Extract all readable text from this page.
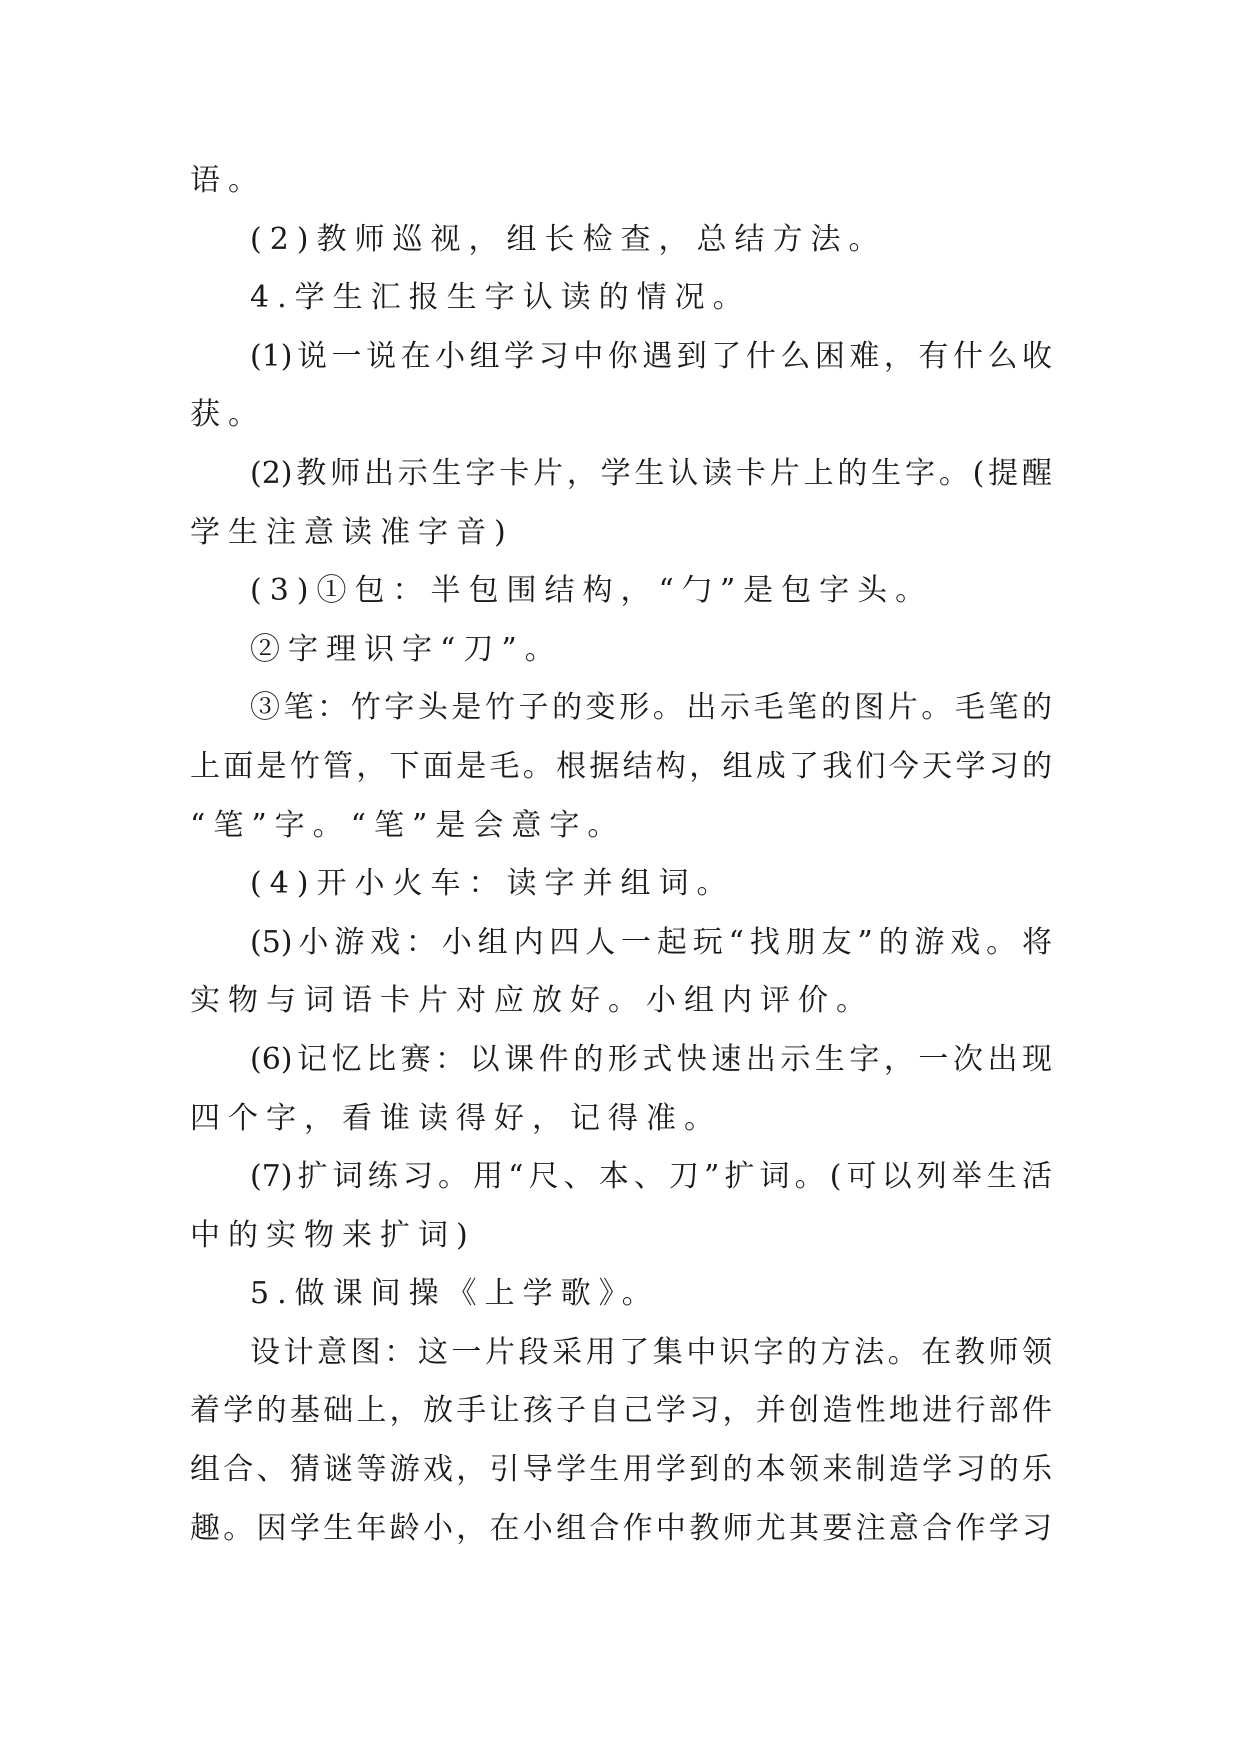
语。
(2)教师巡视，组长检查，总结方法。
4.学生汇报生字认读的情况。
(1)说一说在小组学习中你遇到了什么困难，有什么收
获。
(2)教师出示生字卡片，学生认读卡片上的生字。(提醒
学生注意读准字音)
(3)①包：半包围结构，“勹”是包字头。
②字理识字“刀”。
③笔：竹字头是竹子的变形。出示毛笔的图片。毛笔的
上面是竹管，下面是毛。根据结构，组成了我们今天学习的
“笔”字。“笔”是会意字。
(4)开小火车：读字并组词。
(5)小游戏：小组内四人一起玩“找朋友”的游戏。将
实物与词语卡片对应放好。小组内评价。
(6)记忆比赛：以课件的形式快速出示生字，一次出现
四个字，看谁读得好，记得准。
(7)扩词练习。用“尺、本、刀”扩词。(可以列举生活
中的实物来扩词)
5.做课间操《上学歌》。
设计意图：这一片段采用了集中识字的方法。在教师领
着学的基础上，放手让孩子自己学习，并创造性地进行部件
组合、猜谜等游戏，引导学生用学到的本领来制造学习的乐
趣。因学生年龄小，在小组合作中教师尤其要注意合作学习
